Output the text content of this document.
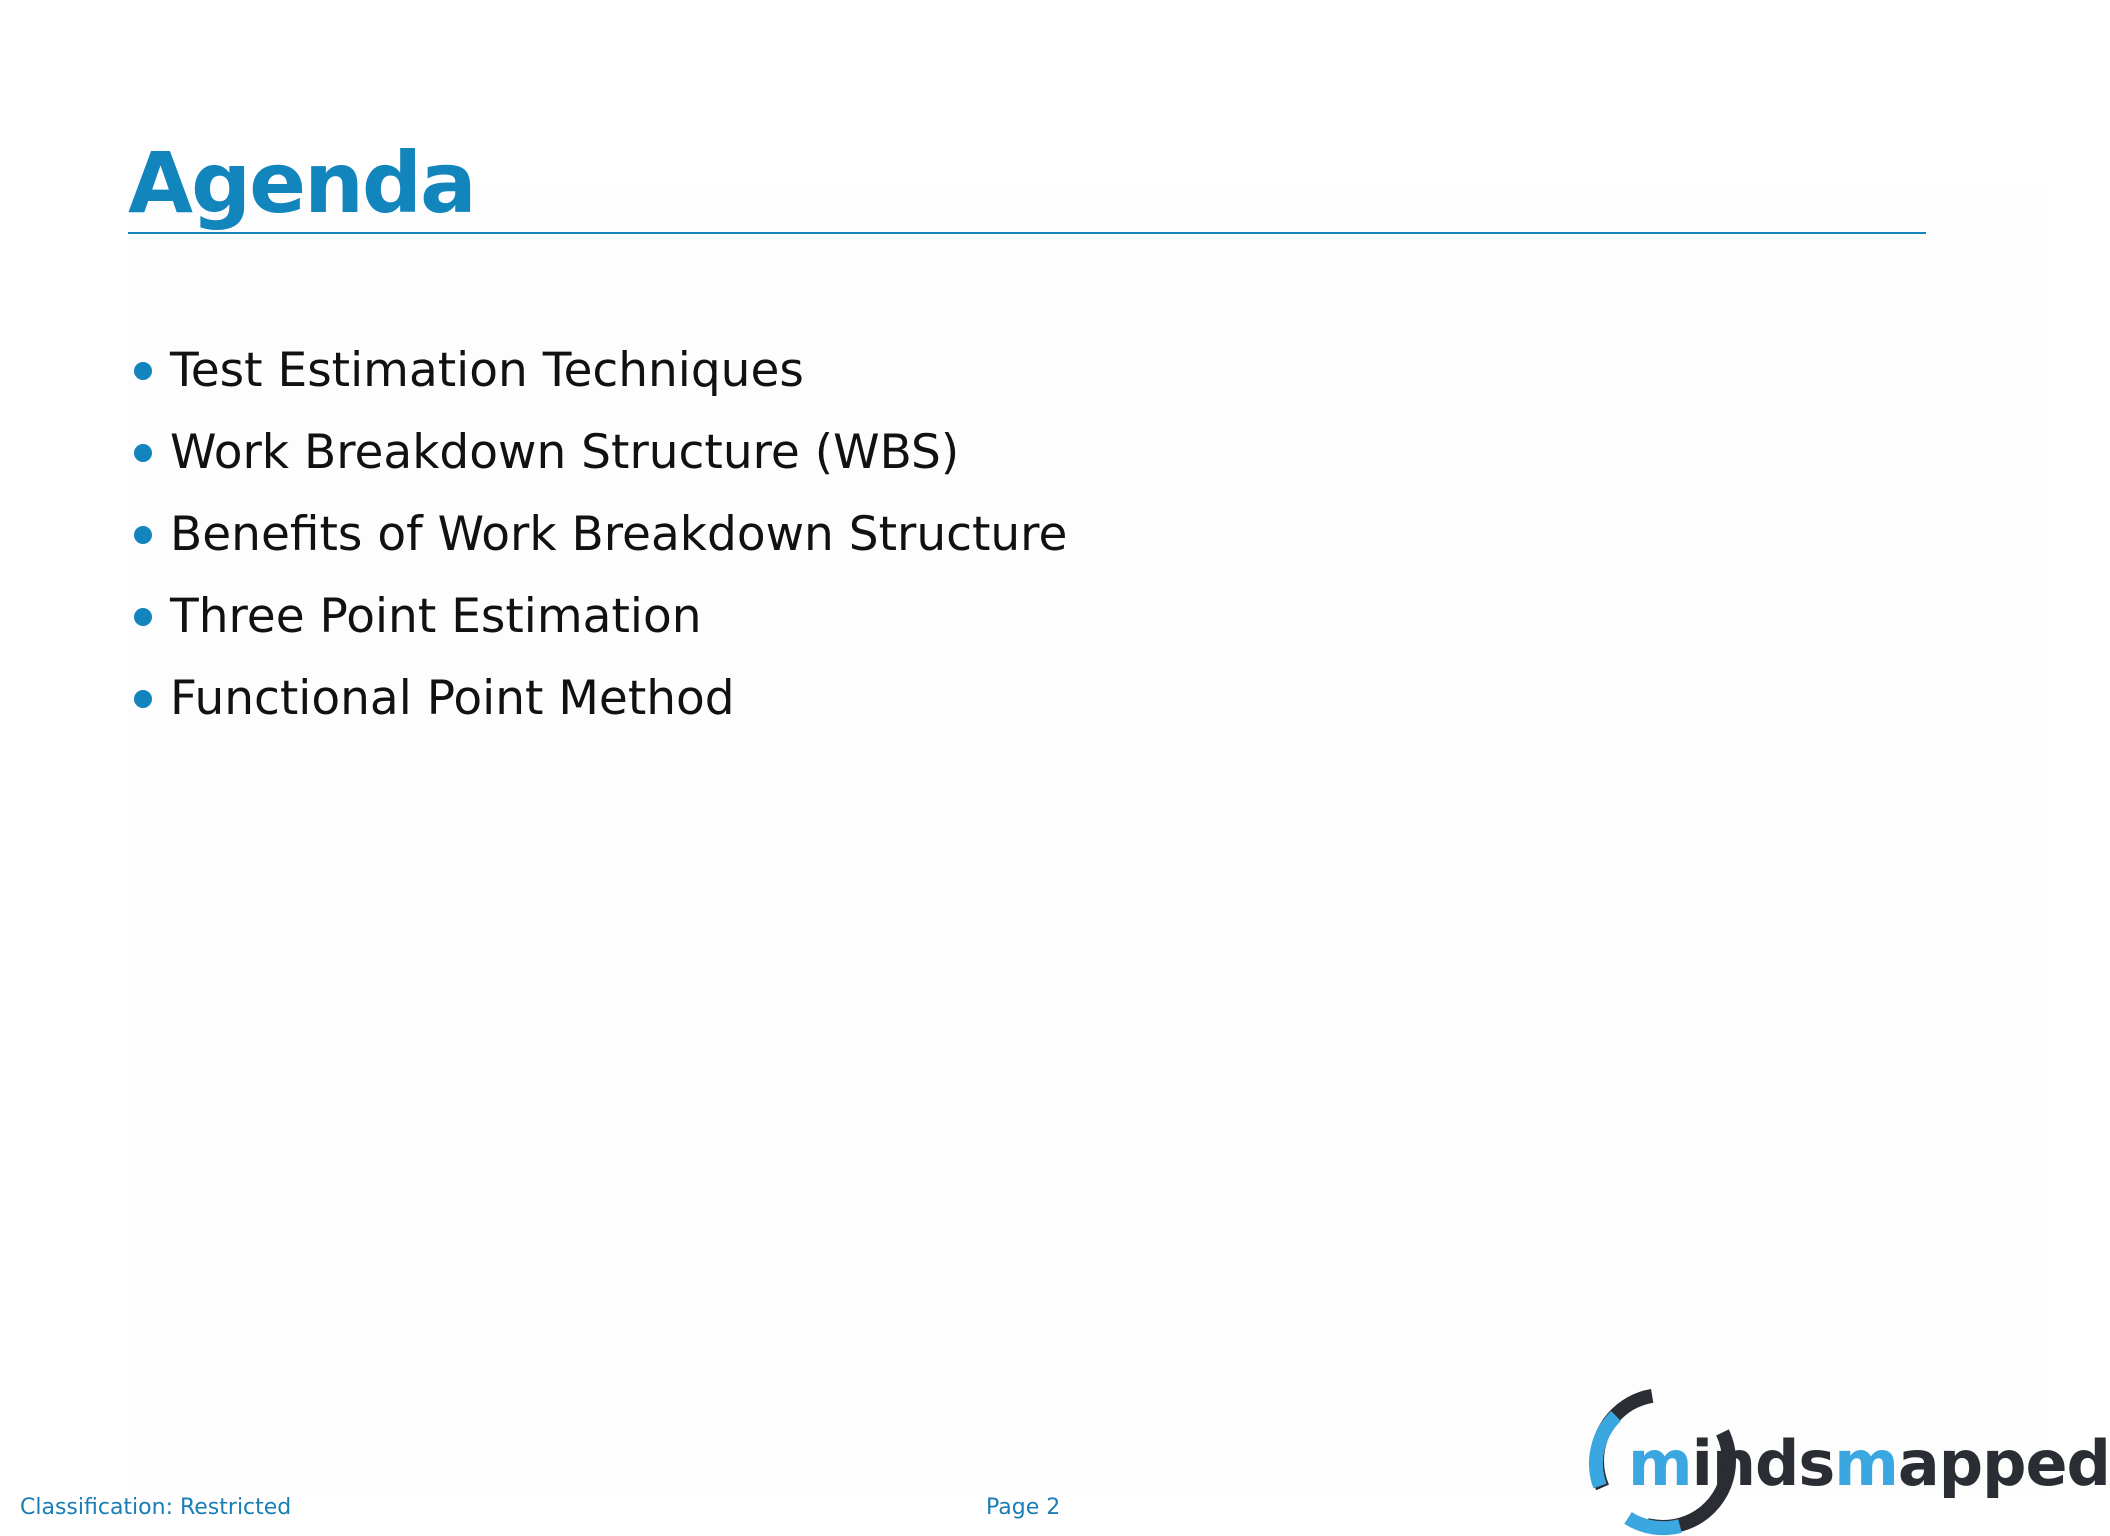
Agenda
Test Estimation Techniques
Work Breakdown Structure (WBS)
Benefits of Work Breakdown Structure
Three Point Estimation
Functional Point Method
Classification: Restricted	Page 2
mindsmapped
